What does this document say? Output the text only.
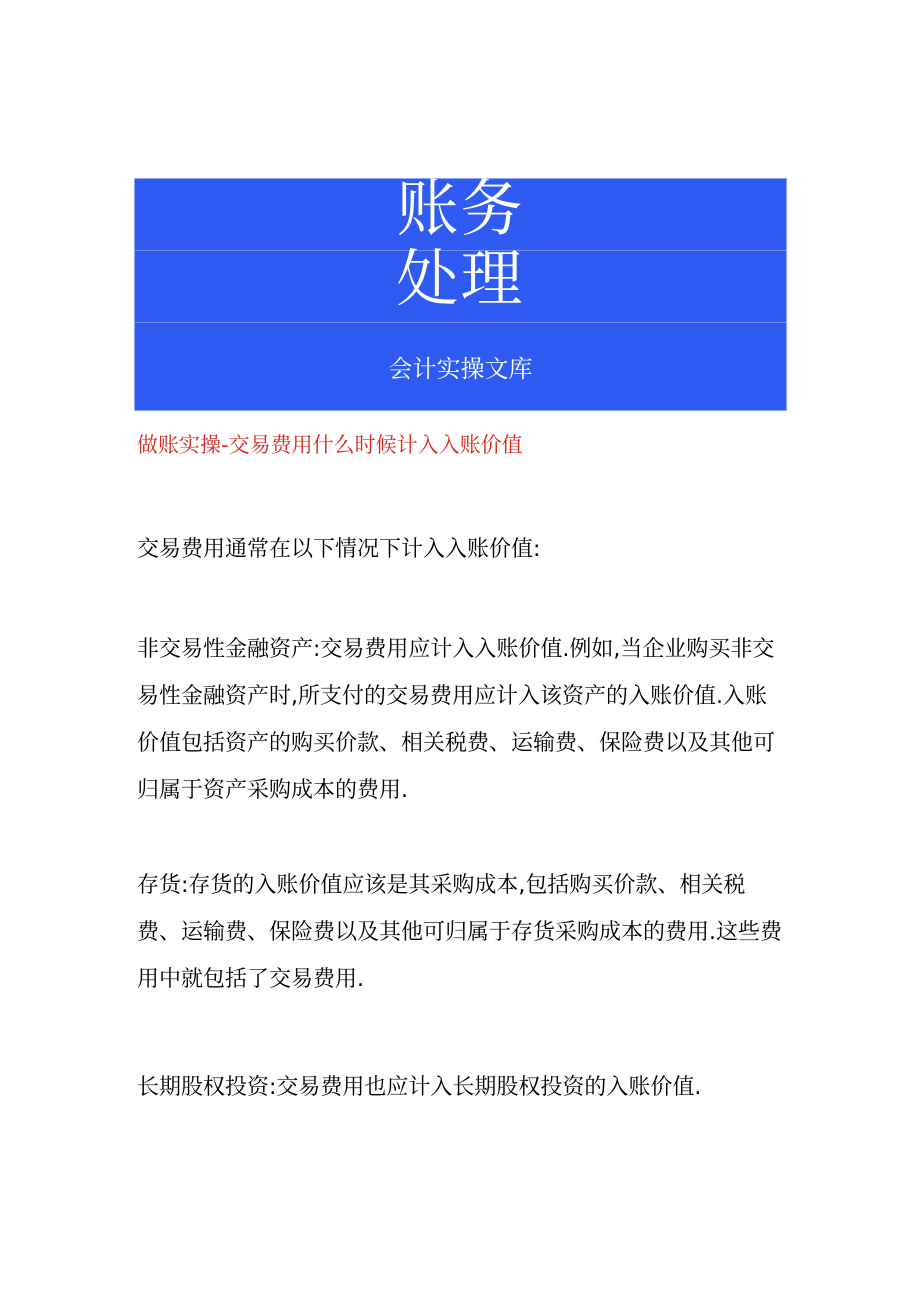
账务
处理
会计实操文库
做账实操-交易费用什么时候计入入账价值
交易费用通常在以下情况下计入入账价值:
非交易性金融资产:交易费用应计入入账价值.例如,当企业购买非交易性金融资产时,所支付的交易费用应计入该资产的入账价值.入账价值包括资产的购买价款、相关税费、运输费、保险费以及其他可归属于资产采购成本的费用.
存货:存货的入账价值应该是其采购成本,包括购买价款、相关税费、运输费、保险费以及其他可归属于存货采购成本的费用.这些费用中就包括了交易费用.
长期股权投资:交易费用也应计入长期股权投资的入账价值.
